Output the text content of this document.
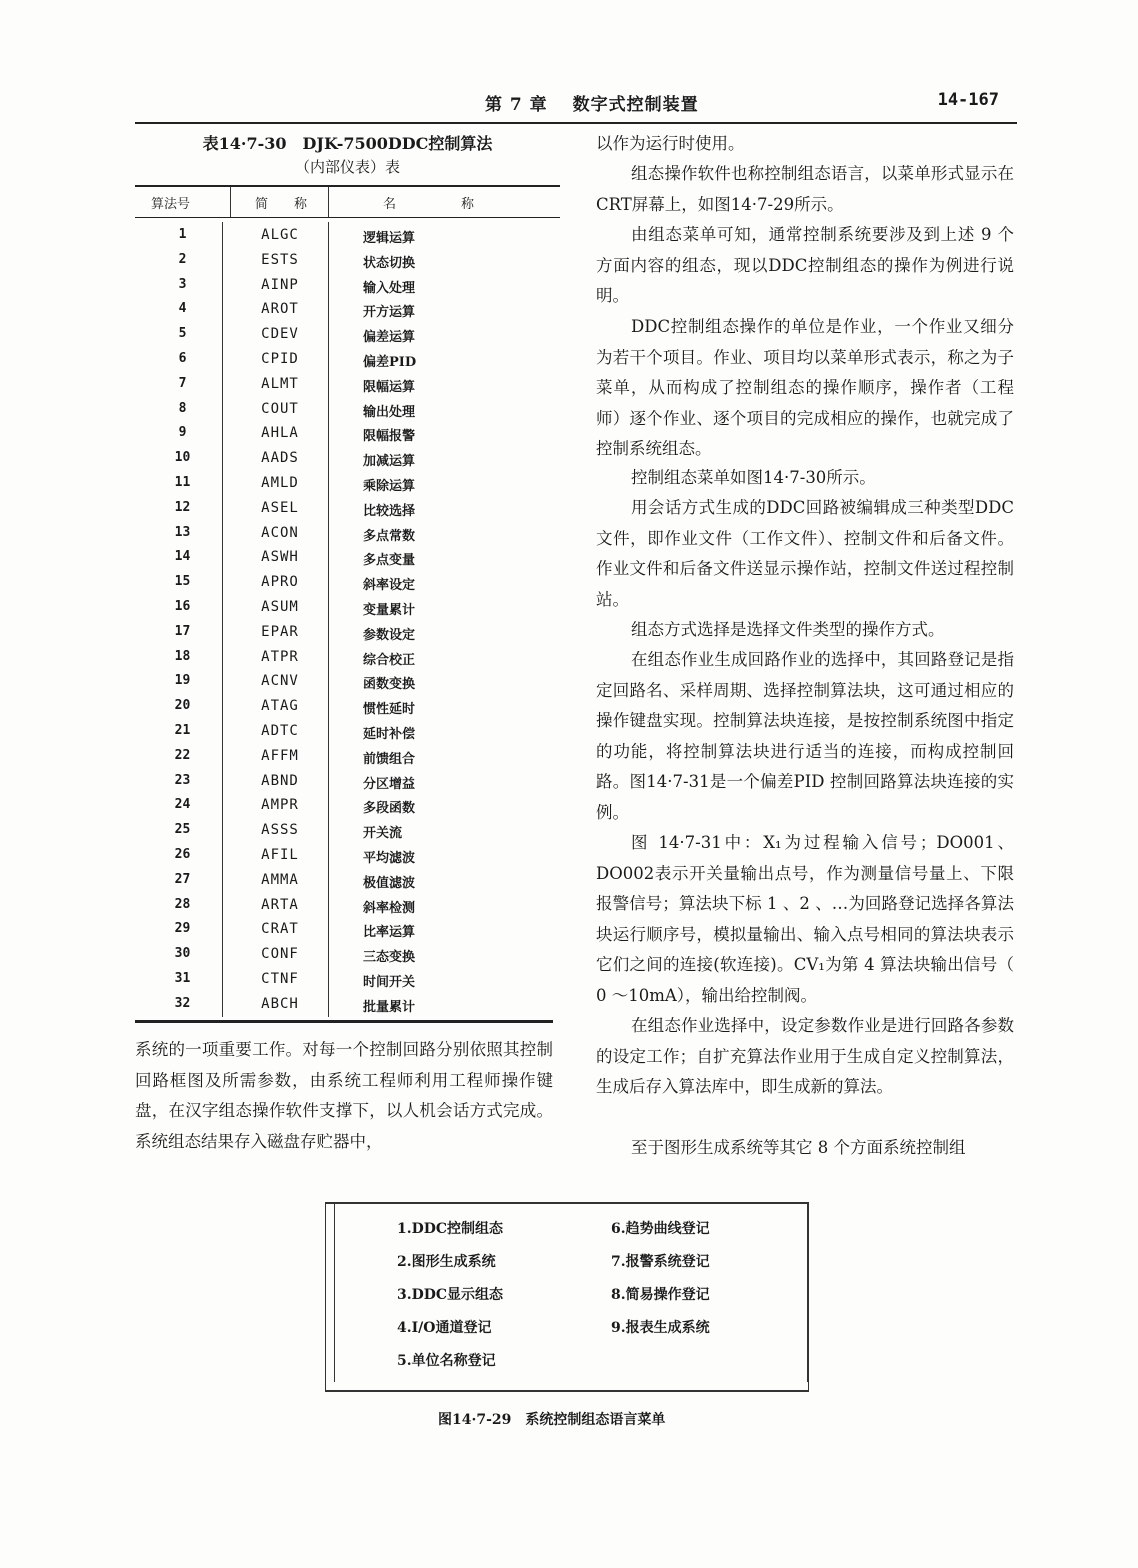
第 7 章　 数字式控制装置	14-167
表14·7-30　DJK-7500DDC控制算法
（内部仪表）表
算法号	简　　称	名　　　　　称
1	ALGC	逻辑运算
2	ESTS	状态切换
3	AINP	输入处理
4	AROT	开方运算
5	CDEV	偏差运算
6	CPID	偏差PID
7	ALMT	限幅运算
8	COUT	输出处理
9	AHLA	限幅报警
10	AADS	加减运算
11	AMLD	乘除运算
12	ASEL	比较选择
13	ACON	多点常数
14	ASWH	多点变量
15	APRO	斜率设定
16	ASUM	变量累计
17	EPAR	参数设定
18	ATPR	综合校正
19	ACNV	函数变换
20	ATAG	惯性延时
21	ADTC	延时补偿
22	AFFM	前馈组合
23	ABND	分区增益
24	AMPR	多段函数
25	ASSS	开关流
26	AFIL	平均滤波
27	AMMA	极值滤波
28	ARTA	斜率检测
29	CRAT	比率运算
30	CONF	三态变换
31	CTNF	时间开关
32	ABCH	批量累计
系统的一项重要工作。对每一个控制回路分别依照其控制回路框图及所需参数，由系统工程师利用工程师操作键盘，在汉字组态操作软件支撑下，以人机会话方式完成。系统组态结果存入磁盘存贮器中，
以作为运行时使用。
组态操作软件也称控制组态语言，以菜单形式显示在CRT屏幕上，如图14·7-29所示。
由组态菜单可知，通常控制系统要涉及到上述 9 个方面内容的组态，现以DDC控制组态的操作为例进行说明。
DDC控制组态操作的单位是作业，一个作业又细分为若干个项目。作业、项目均以菜单形式表示，称之为子菜单，从而构成了控制组态的操作顺序，操作者（工程师）逐个作业、逐个项目的完成相应的操作，也就完成了控制系统组态。
控制组态菜单如图14·7-30所示。
用会话方式生成的DDC回路被编辑成三种类型DDC文件，即作业文件（工作文件）、控制文件和后备文件。作业文件和后备文件送显示操作站，控制文件送过程控制站。
组态方式选择是选择文件类型的操作方式。
在组态作业生成回路作业的选择中，其回路登记是指定回路名、采样周期、选择控制算法块，这可通过相应的操作键盘实现。控制算法块连接，是按控制系统图中指定的功能，将控制算法块进行适当的连接，而构成控制回路。图14·7-31是一个偏差PID 控制回路算法块连接的实例。
图 14·7-31中：X₁为过程输入信号；DO001、DO002表示开关量输出点号，作为测量信号量上、下限报警信号；算法块下标 1 、2 、…为回路登记选择各算法块运行顺序号，模拟量输出、输入点号相同的算法块表示它们之间的连接(软连接)。CV₁为第 4 算法块输出信号（ 0 ～10mA），输出给控制阀。
在组态作业选择中，设定参数作业是进行回路各参数的设定工作；自扩充算法作业用于生成自定义控制算法，生成后存入算法库中，即生成新的算法。
至于图形生成系统等其它 8 个方面系统控制组
1.DDC控制组态
2.图形生成系统
3.DDC显示组态
4.I/O通道登记
5.单位名称登记
6.趋势曲线登记
7.报警系统登记
8.简易操作登记
9.报表生成系统
图14·7-29　系统控制组态语言菜单
